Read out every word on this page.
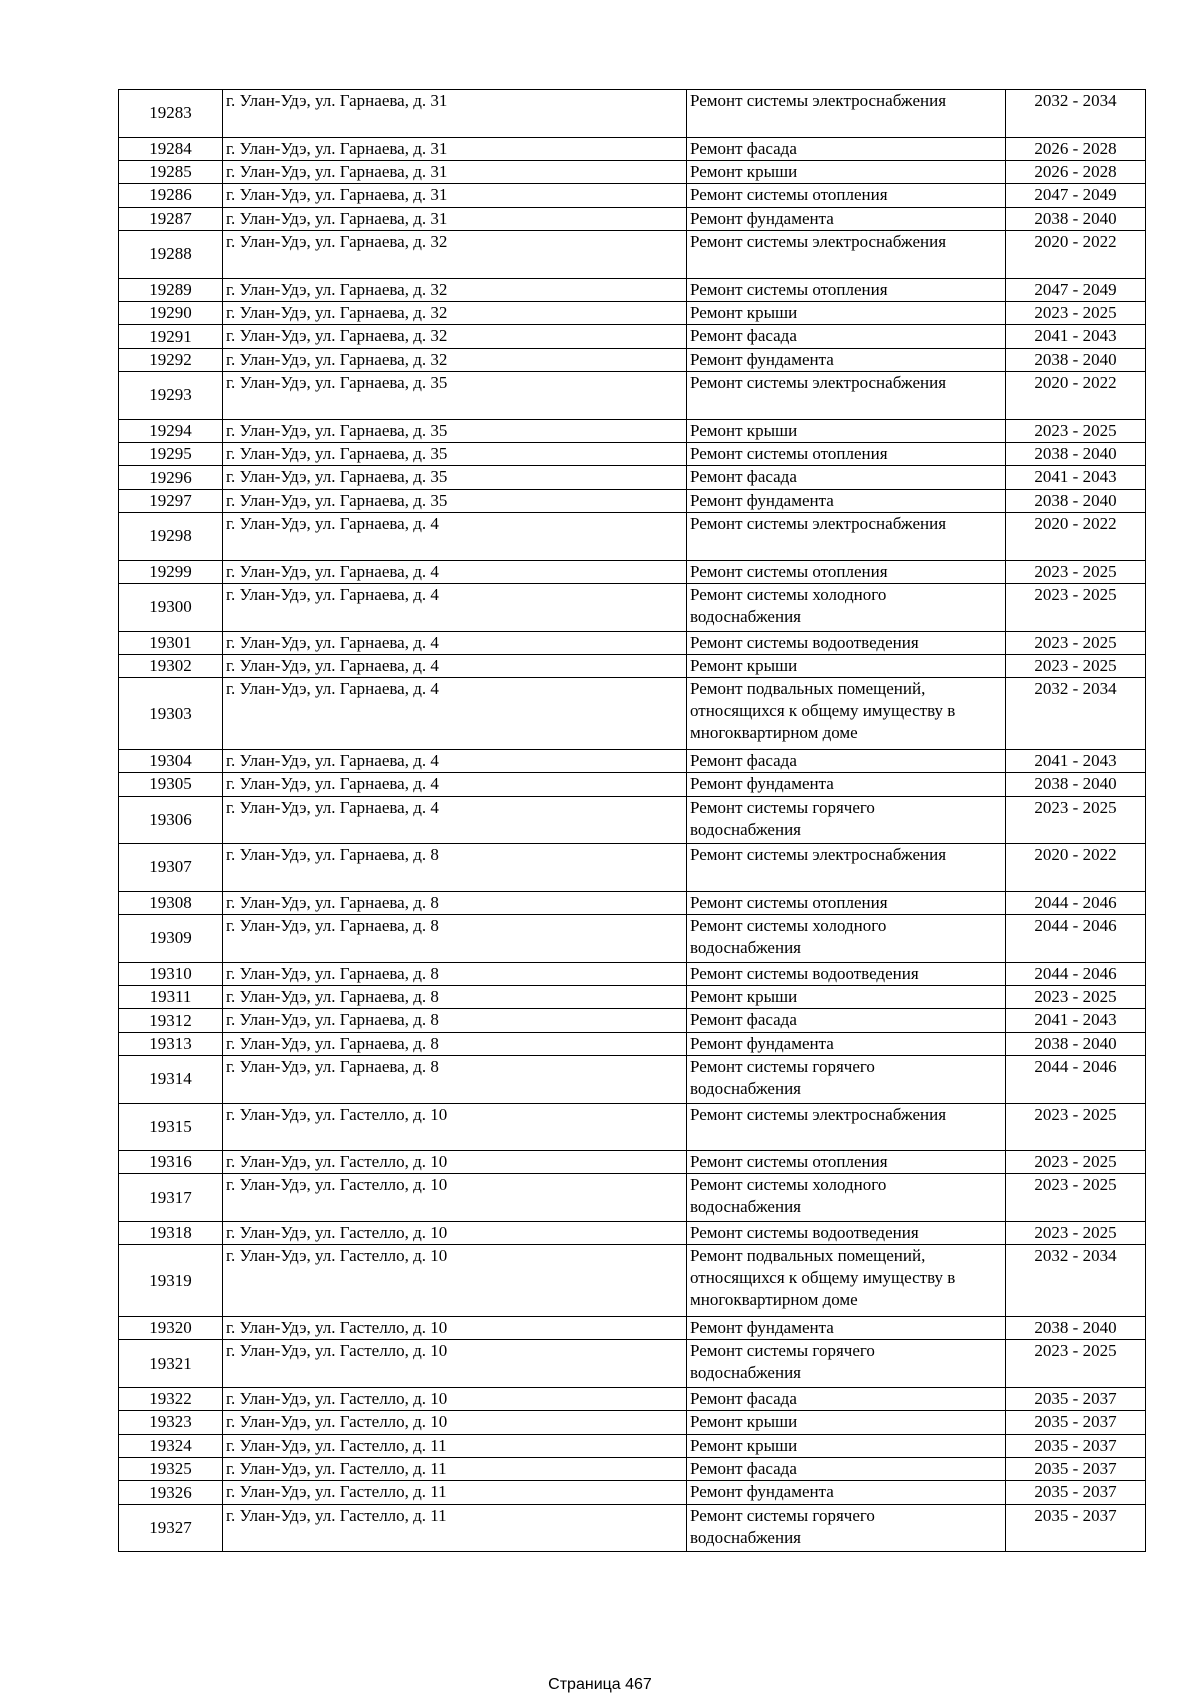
19283	г. Улан-Удэ, ул. Гарнаева, д. 31	Ремонт системы электроснабжения	2032 - 2034
19284	г. Улан-Удэ, ул. Гарнаева, д. 31	Ремонт фасада	2026 - 2028
19285	г. Улан-Удэ, ул. Гарнаева, д. 31	Ремонт крыши	2026 - 2028
19286	г. Улан-Удэ, ул. Гарнаева, д. 31	Ремонт системы отопления	2047 - 2049
19287	г. Улан-Удэ, ул. Гарнаева, д. 31	Ремонт фундамента	2038 - 2040
19288	г. Улан-Удэ, ул. Гарнаева, д. 32	Ремонт системы электроснабжения	2020 - 2022
19289	г. Улан-Удэ, ул. Гарнаева, д. 32	Ремонт системы отопления	2047 - 2049
19290	г. Улан-Удэ, ул. Гарнаева, д. 32	Ремонт крыши	2023 - 2025
19291	г. Улан-Удэ, ул. Гарнаева, д. 32	Ремонт фасада	2041 - 2043
19292	г. Улан-Удэ, ул. Гарнаева, д. 32	Ремонт фундамента	2038 - 2040
19293	г. Улан-Удэ, ул. Гарнаева, д. 35	Ремонт системы электроснабжения	2020 - 2022
19294	г. Улан-Удэ, ул. Гарнаева, д. 35	Ремонт крыши	2023 - 2025
19295	г. Улан-Удэ, ул. Гарнаева, д. 35	Ремонт системы отопления	2038 - 2040
19296	г. Улан-Удэ, ул. Гарнаева, д. 35	Ремонт фасада	2041 - 2043
19297	г. Улан-Удэ, ул. Гарнаева, д. 35	Ремонт фундамента	2038 - 2040
19298	г. Улан-Удэ, ул. Гарнаева, д. 4	Ремонт системы электроснабжения	2020 - 2022
19299	г. Улан-Удэ, ул. Гарнаева, д. 4	Ремонт системы отопления	2023 - 2025
19300	г. Улан-Удэ, ул. Гарнаева, д. 4	Ремонт системы холодного
водоснабжения	2023 - 2025
19301	г. Улан-Удэ, ул. Гарнаева, д. 4	Ремонт системы водоотведения	2023 - 2025
19302	г. Улан-Удэ, ул. Гарнаева, д. 4	Ремонт крыши	2023 - 2025
19303	г. Улан-Удэ, ул. Гарнаева, д. 4	Ремонт подвальных помещений,
относящихся к общему имуществу в
многоквартирном доме	2032 - 2034
19304	г. Улан-Удэ, ул. Гарнаева, д. 4	Ремонт фасада	2041 - 2043
19305	г. Улан-Удэ, ул. Гарнаева, д. 4	Ремонт фундамента	2038 - 2040
19306	г. Улан-Удэ, ул. Гарнаева, д. 4	Ремонт системы горячего
водоснабжения	2023 - 2025
19307	г. Улан-Удэ, ул. Гарнаева, д. 8	Ремонт системы электроснабжения	2020 - 2022
19308	г. Улан-Удэ, ул. Гарнаева, д. 8	Ремонт системы отопления	2044 - 2046
19309	г. Улан-Удэ, ул. Гарнаева, д. 8	Ремонт системы холодного
водоснабжения	2044 - 2046
19310	г. Улан-Удэ, ул. Гарнаева, д. 8	Ремонт системы водоотведения	2044 - 2046
19311	г. Улан-Удэ, ул. Гарнаева, д. 8	Ремонт крыши	2023 - 2025
19312	г. Улан-Удэ, ул. Гарнаева, д. 8	Ремонт фасада	2041 - 2043
19313	г. Улан-Удэ, ул. Гарнаева, д. 8	Ремонт фундамента	2038 - 2040
19314	г. Улан-Удэ, ул. Гарнаева, д. 8	Ремонт системы горячего
водоснабжения	2044 - 2046
19315	г. Улан-Удэ, ул. Гастелло, д. 10	Ремонт системы электроснабжения	2023 - 2025
19316	г. Улан-Удэ, ул. Гастелло, д. 10	Ремонт системы отопления	2023 - 2025
19317	г. Улан-Удэ, ул. Гастелло, д. 10	Ремонт системы холодного
водоснабжения	2023 - 2025
19318	г. Улан-Удэ, ул. Гастелло, д. 10	Ремонт системы водоотведения	2023 - 2025
19319	г. Улан-Удэ, ул. Гастелло, д. 10	Ремонт подвальных помещений,
относящихся к общему имуществу в
многоквартирном доме	2032 - 2034
19320	г. Улан-Удэ, ул. Гастелло, д. 10	Ремонт фундамента	2038 - 2040
19321	г. Улан-Удэ, ул. Гастелло, д. 10	Ремонт системы горячего
водоснабжения	2023 - 2025
19322	г. Улан-Удэ, ул. Гастелло, д. 10	Ремонт фасада	2035 - 2037
19323	г. Улан-Удэ, ул. Гастелло, д. 10	Ремонт крыши	2035 - 2037
19324	г. Улан-Удэ, ул. Гастелло, д. 11	Ремонт крыши	2035 - 2037
19325	г. Улан-Удэ, ул. Гастелло, д. 11	Ремонт фасада	2035 - 2037
19326	г. Улан-Удэ, ул. Гастелло, д. 11	Ремонт фундамента	2035 - 2037
19327	г. Улан-Удэ, ул. Гастелло, д. 11	Ремонт системы горячего
водоснабжения	2035 - 2037
Страница 467
